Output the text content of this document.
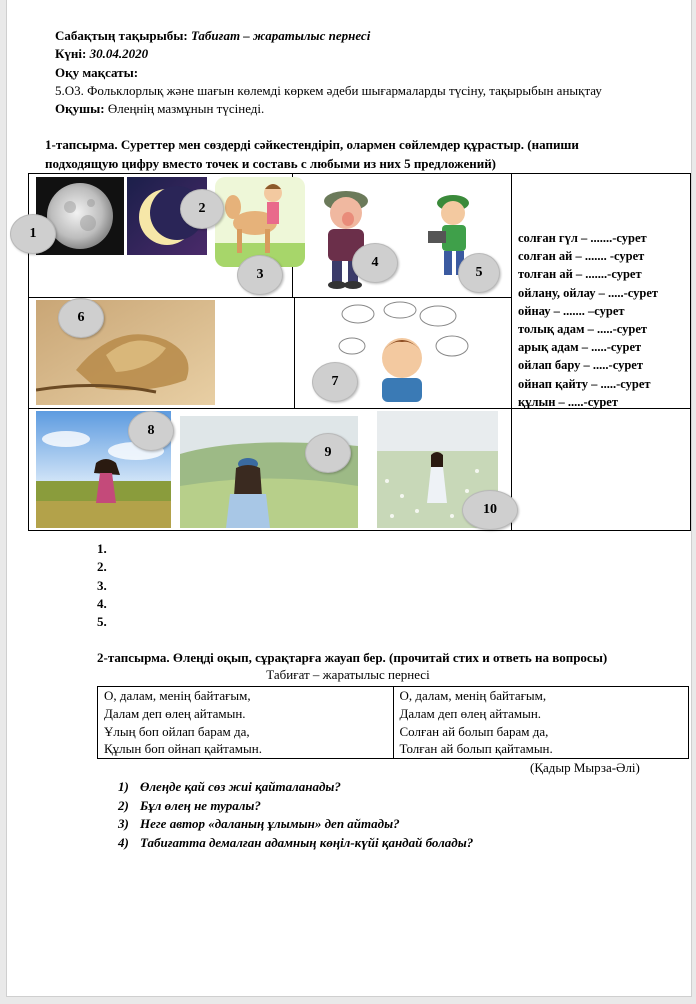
Сабақтың тақырыбы: Табиғат – жаратылыс пернесі
Күні: 30.04.2020
Оқу мақсаты:
5.О3. Фольклорлық және шағын көлемді көркем әдеби шығармаларды түсіну, тақырыбын анықтау
Оқушы: Өлеңнің мазмұнын түсінеді.
1-тапсырма. Суреттер мен сөздерді сәйкестендіріп, олармен сөйлемдер құрастыр. (напиши
подходящую цифру вместо точек и составь с любыми из них 5 предложений)
1
2
3
4
5
6
7
8
9
10
солған гүл – .......-сурет
солған ай – ....... -сурет
толған ай – .......-сурет
ойлану, ойлау – .....-сурет
ойнау – ....... –сурет
толық адам – .....-сурет
арық адам – .....-сурет
ойлап бару – .....-сурет
ойнап қайту – .....-сурет
құлын – .....-сурет
1.
2.
3.
4.
5.
2-тапсырма. Өлеңді оқып, сұрақтарға жауап бер. (прочитай стих и ответь на вопросы)
Табиғат – жаратылыс пернесі
О, далам, менің байтағым,
Далам деп өлең айтамын.
Ұлың боп ойлап барам да,
Құлын боп ойнап қайтамын.

О, далам, менің байтағым,
Далам деп өлең айтамын.
Солған ай болып барам да,
Толған ай болып қайтамын.
(Қадыр Мырза-Әлі)
1) Өлеңде қай сөз жиі қайталанады?
2) Бұл өлең не туралы?
3) Неге автор «даланың ұлымын» деп айтады?
4) Табиғатта демалған адамның көңіл-күйі қандай болады?
